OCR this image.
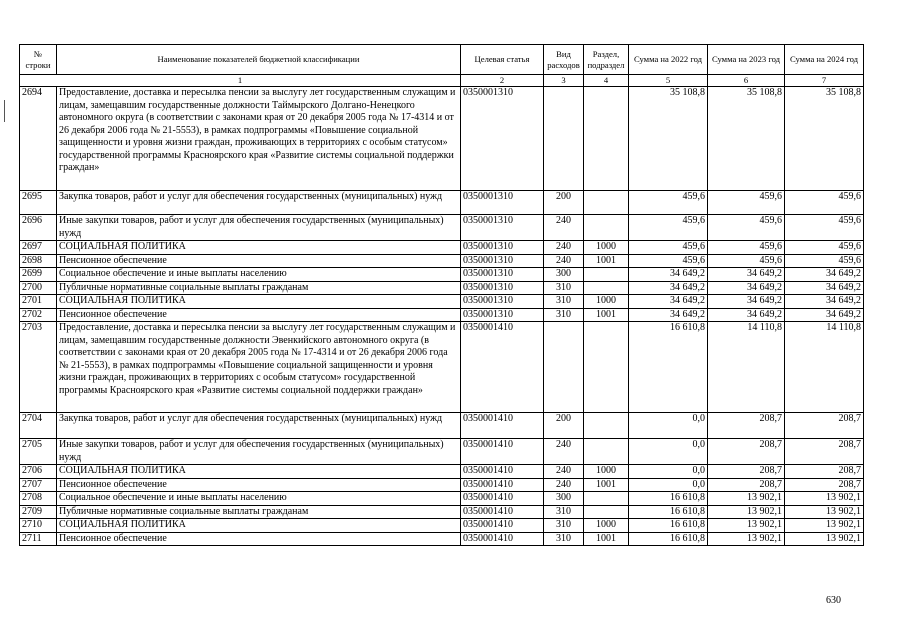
№ строки	Наименование показателей бюджетной классификации	Целевая статья	Вид расходов	Раздел, подраздел	Сумма на 2022 год	Сумма на 2023 год	Сумма на 2024 год
1		2	3	4	5	6	7
2694	Предоставление, доставка и пересылка пенсии за выслугу лет государственным служащим и лицам, замещавшим государственные должности Таймырского Долгано-Ненецкого автономного округа (в соответствии с законами края от 20 декабря 2005 года № 17-4314 и от 26 декабря 2006 года № 21-5553), в рамках подпрограммы «Повышение социальной защищенности и уровня жизни граждан, проживающих в территориях с особым статусом» государственной программы Красноярского края «Развитие системы социальной поддержки граждан»	0350001310			35 108,8	35 108,8	35 108,8
2695	Закупка товаров, работ и услуг для обеспечения государственных (муниципальных) нужд	0350001310	200		459,6	459,6	459,6
2696	Иные закупки товаров, работ и услуг для обеспечения государственных (муниципальных) нужд	0350001310	240		459,6	459,6	459,6
2697	СОЦИАЛЬНАЯ ПОЛИТИКА	0350001310	240	1000	459,6	459,6	459,6
2698	Пенсионное обеспечение	0350001310	240	1001	459,6	459,6	459,6
2699	Социальное обеспечение и иные выплаты населению	0350001310	300		34 649,2	34 649,2	34 649,2
2700	Публичные нормативные социальные выплаты гражданам	0350001310	310		34 649,2	34 649,2	34 649,2
2701	СОЦИАЛЬНАЯ ПОЛИТИКА	0350001310	310	1000	34 649,2	34 649,2	34 649,2
2702	Пенсионное обеспечение	0350001310	310	1001	34 649,2	34 649,2	34 649,2
2703	Предоставление, доставка и пересылка пенсии за выслугу лет государственным служащим и лицам, замещавшим государственные должности Эвенкийского автономного округа (в соответствии с законами края от 20 декабря 2005 года № 17-4314 и от 26 декабря 2006 года № 21-5553), в рамках подпрограммы «Повышение социальной защищенности и уровня жизни граждан, проживающих в территориях с особым статусом» государственной программы Красноярского края «Развитие системы социальной поддержки граждан»	0350001410			16 610,8	14 110,8	14 110,8
2704	Закупка товаров, работ и услуг для обеспечения государственных (муниципальных) нужд	0350001410	200		0,0	208,7	208,7
2705	Иные закупки товаров, работ и услуг для обеспечения государственных (муниципальных) нужд	0350001410	240		0,0	208,7	208,7
2706	СОЦИАЛЬНАЯ ПОЛИТИКА	0350001410	240	1000	0,0	208,7	208,7
2707	Пенсионное обеспечение	0350001410	240	1001	0,0	208,7	208,7
2708	Социальное обеспечение и иные выплаты населению	0350001410	300		16 610,8	13 902,1	13 902,1
2709	Публичные нормативные социальные выплаты гражданам	0350001410	310		16 610,8	13 902,1	13 902,1
2710	СОЦИАЛЬНАЯ ПОЛИТИКА	0350001410	310	1000	16 610,8	13 902,1	13 902,1
2711	Пенсионное обеспечение	0350001410	310	1001	16 610,8	13 902,1	13 902,1
630
